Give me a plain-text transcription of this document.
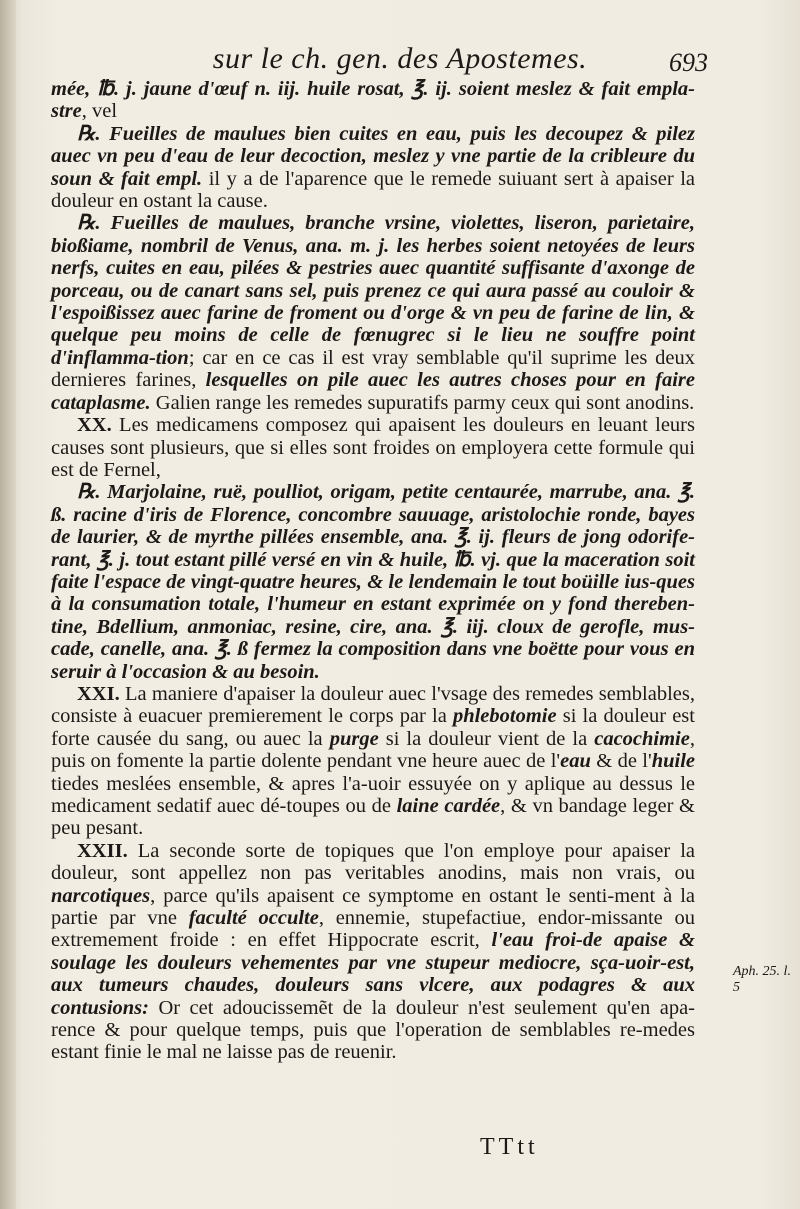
sur le ch. gen. des Apostemes.	693

mée, ℔. j. jaune d'œuf n. iij. huile rosat, ℥. ij. soient meslez & fait empla-stre, vel

℞. Fueilles de maulues bien cuites en eau, puis les decoupez & pilez auec vn peu d'eau de leur decoction, meslez y vne partie de la cribleure du soun & fait empl. il y a de l'aparence que le remede suiuant sert à apaiser la douleur en ostant la cause.

℞. Fueilles de maulues, branche vrsine, violettes, liseron, parietaire, bioßiame, nombril de Venus, ana. m. j. les herbes soient netoyées de leurs nerfs, cuites en eau, pilées & pestries auec quantité suffisante d'axonge de porceau, ou de canart sans sel, puis prenez ce qui aura passé au couloir & l'espoißissez auec farine de froment ou d'orge & vn peu de farine de lin, & quelque peu moins de celle de fœnugrec si le lieu ne souffre point d'inflamma-tion; car en ce cas il est vray semblable qu'il suprime les deux dernieres farines, lesquelles on pile auec les autres choses pour en faire cataplasme. Galien range les remedes supuratifs parmy ceux qui sont anodins.

XX. Les medicamens composez qui apaisent les douleurs en leuant leurs causes sont plusieurs, que si elles sont froides on employera cette formule qui est de Fernel,

℞. Marjolaine, ruë, poulliot, origam, petite centaurée, marrube, ana. ℥. ß. racine d'iris de Florence, concombre sauuage, aristolochie ronde, bayes de laurier, & de myrthe pillées ensemble, ana. ℥. ij. fleurs de jong odorife-rant, ℥. j. tout estant pillé versé en vin & huile, ℔. vj. que la maceration soit faite l'espace de vingt-quatre heures, & le lendemain le tout boüille ius-ques à la consumation totale, l'humeur en estant exprimée on y fond thereben-tine, Bdellium, anmoniac, resine, cire, ana. ℥. iij. cloux de gerofle, mus-cade, canelle, ana. ℥. ß fermez la composition dans vne boëtte pour vous en seruir à l'occasion & au besoin.

XXI. La maniere d'apaiser la douleur auec l'vsage des remedes semblables, consiste à euacuer premierement le corps par la phlebotomie si la douleur est forte causée du sang, ou auec la purge si la douleur vient de la cacochimie, puis on fomente la partie dolente pendant vne heure auec de l'eau & de l'huile tiedes meslées ensemble, & apres l'a-uoir essuyée on y aplique au dessus le medicament sedatif auec dé-toupes ou de laine cardée, & vn bandage leger & peu pesant.

XXII. La seconde sorte de topiques que l'on employe pour apaiser la douleur, sont appellez non pas veritables anodins, mais non vrais, ou narcotiques, parce qu'ils apaisent ce symptome en ostant le senti-ment à la partie par vne faculté occulte, ennemie, stupefactiue, endor-missante ou extremement froide : en effet Hippocrate escrit, l'eau froi-de apaise & soulage les douleurs vehementes par vne stupeur mediocre, sça-uoir-est, aux tumeurs chaudes, douleurs sans vlcere, aux podagres & aux contusions: Or cet adoucissemẽt de la douleur n'est seulement qu'en apa-rence & pour quelque temps, puis que l'operation de semblables re-medes estant finie le mal ne laisse pas de reuenir.

Aph. 25. l. 5
TTtt
